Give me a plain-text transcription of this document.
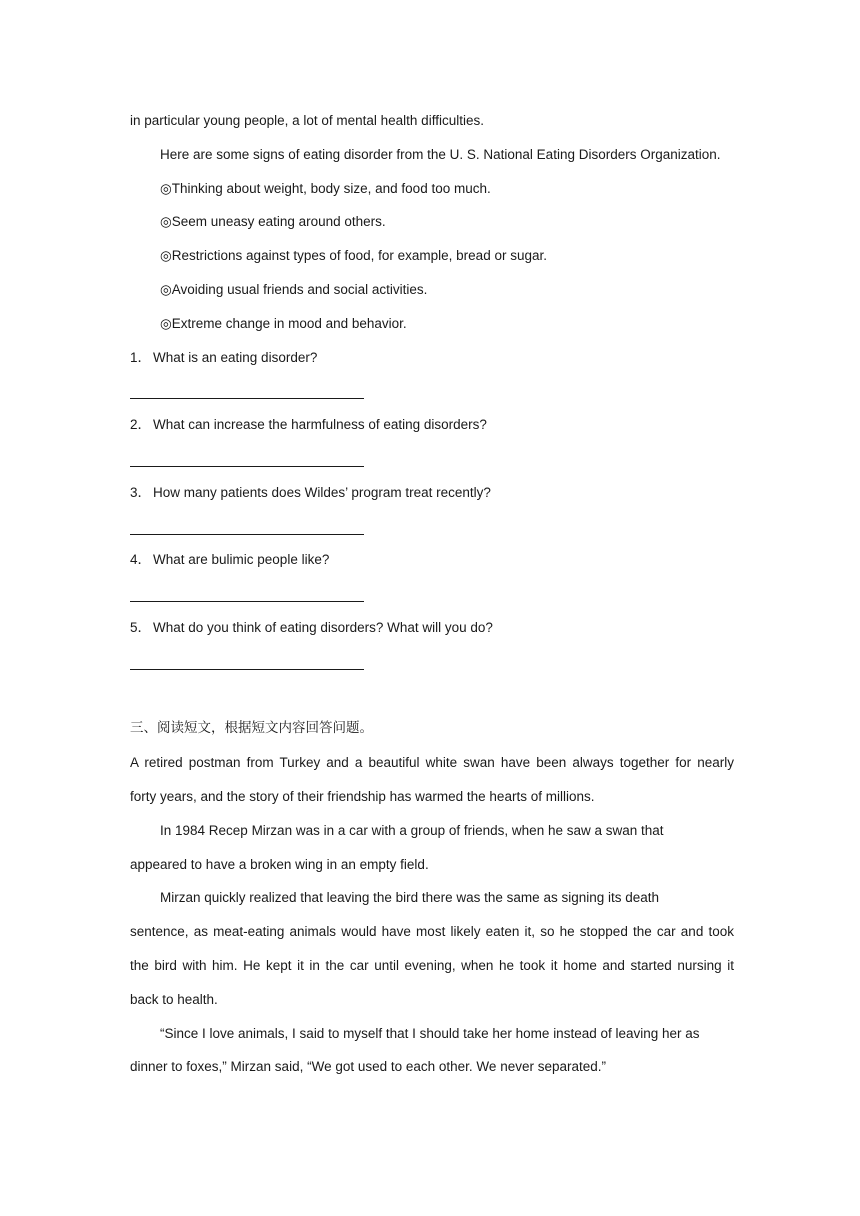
in particular young people, a lot of mental health difficulties.
Here are some signs of eating disorder from the U. S. National Eating Disorders Organization.
◎Thinking about weight, body size, and food too much.
◎Seem uneasy eating around others.
◎Restrictions against types of food, for example, bread or sugar.
◎Avoiding usual friends and social activities.
◎Extreme change in mood and behavior.
1． What is an eating disorder?
2． What can increase the harmfulness of eating disorders?
3． How many patients does Wildes’ program treat recently?
4． What are bulimic people like?
5． What do you think of eating disorders? What will you do?
三、阅读短文，根据短文内容回答问题。
A retired postman from Turkey and a beautiful white swan have been always together for nearly
forty years, and the story of their friendship has warmed the hearts of millions.
In 1984 Recep Mirzan was in a car with a group of friends, when he saw a swan that
appeared to have a broken wing in an empty field.
Mirzan quickly realized that leaving the bird there was the same as signing its death
sentence, as meat-eating animals would have most likely eaten it, so he stopped the car and took
the bird with him. He kept it in the car until evening, when he took it home and started nursing it
back to health.
“Since I love animals, I said to myself that I should take her home instead of leaving her as
dinner to foxes,” Mirzan said, “We got used to each other. We never separated.”
